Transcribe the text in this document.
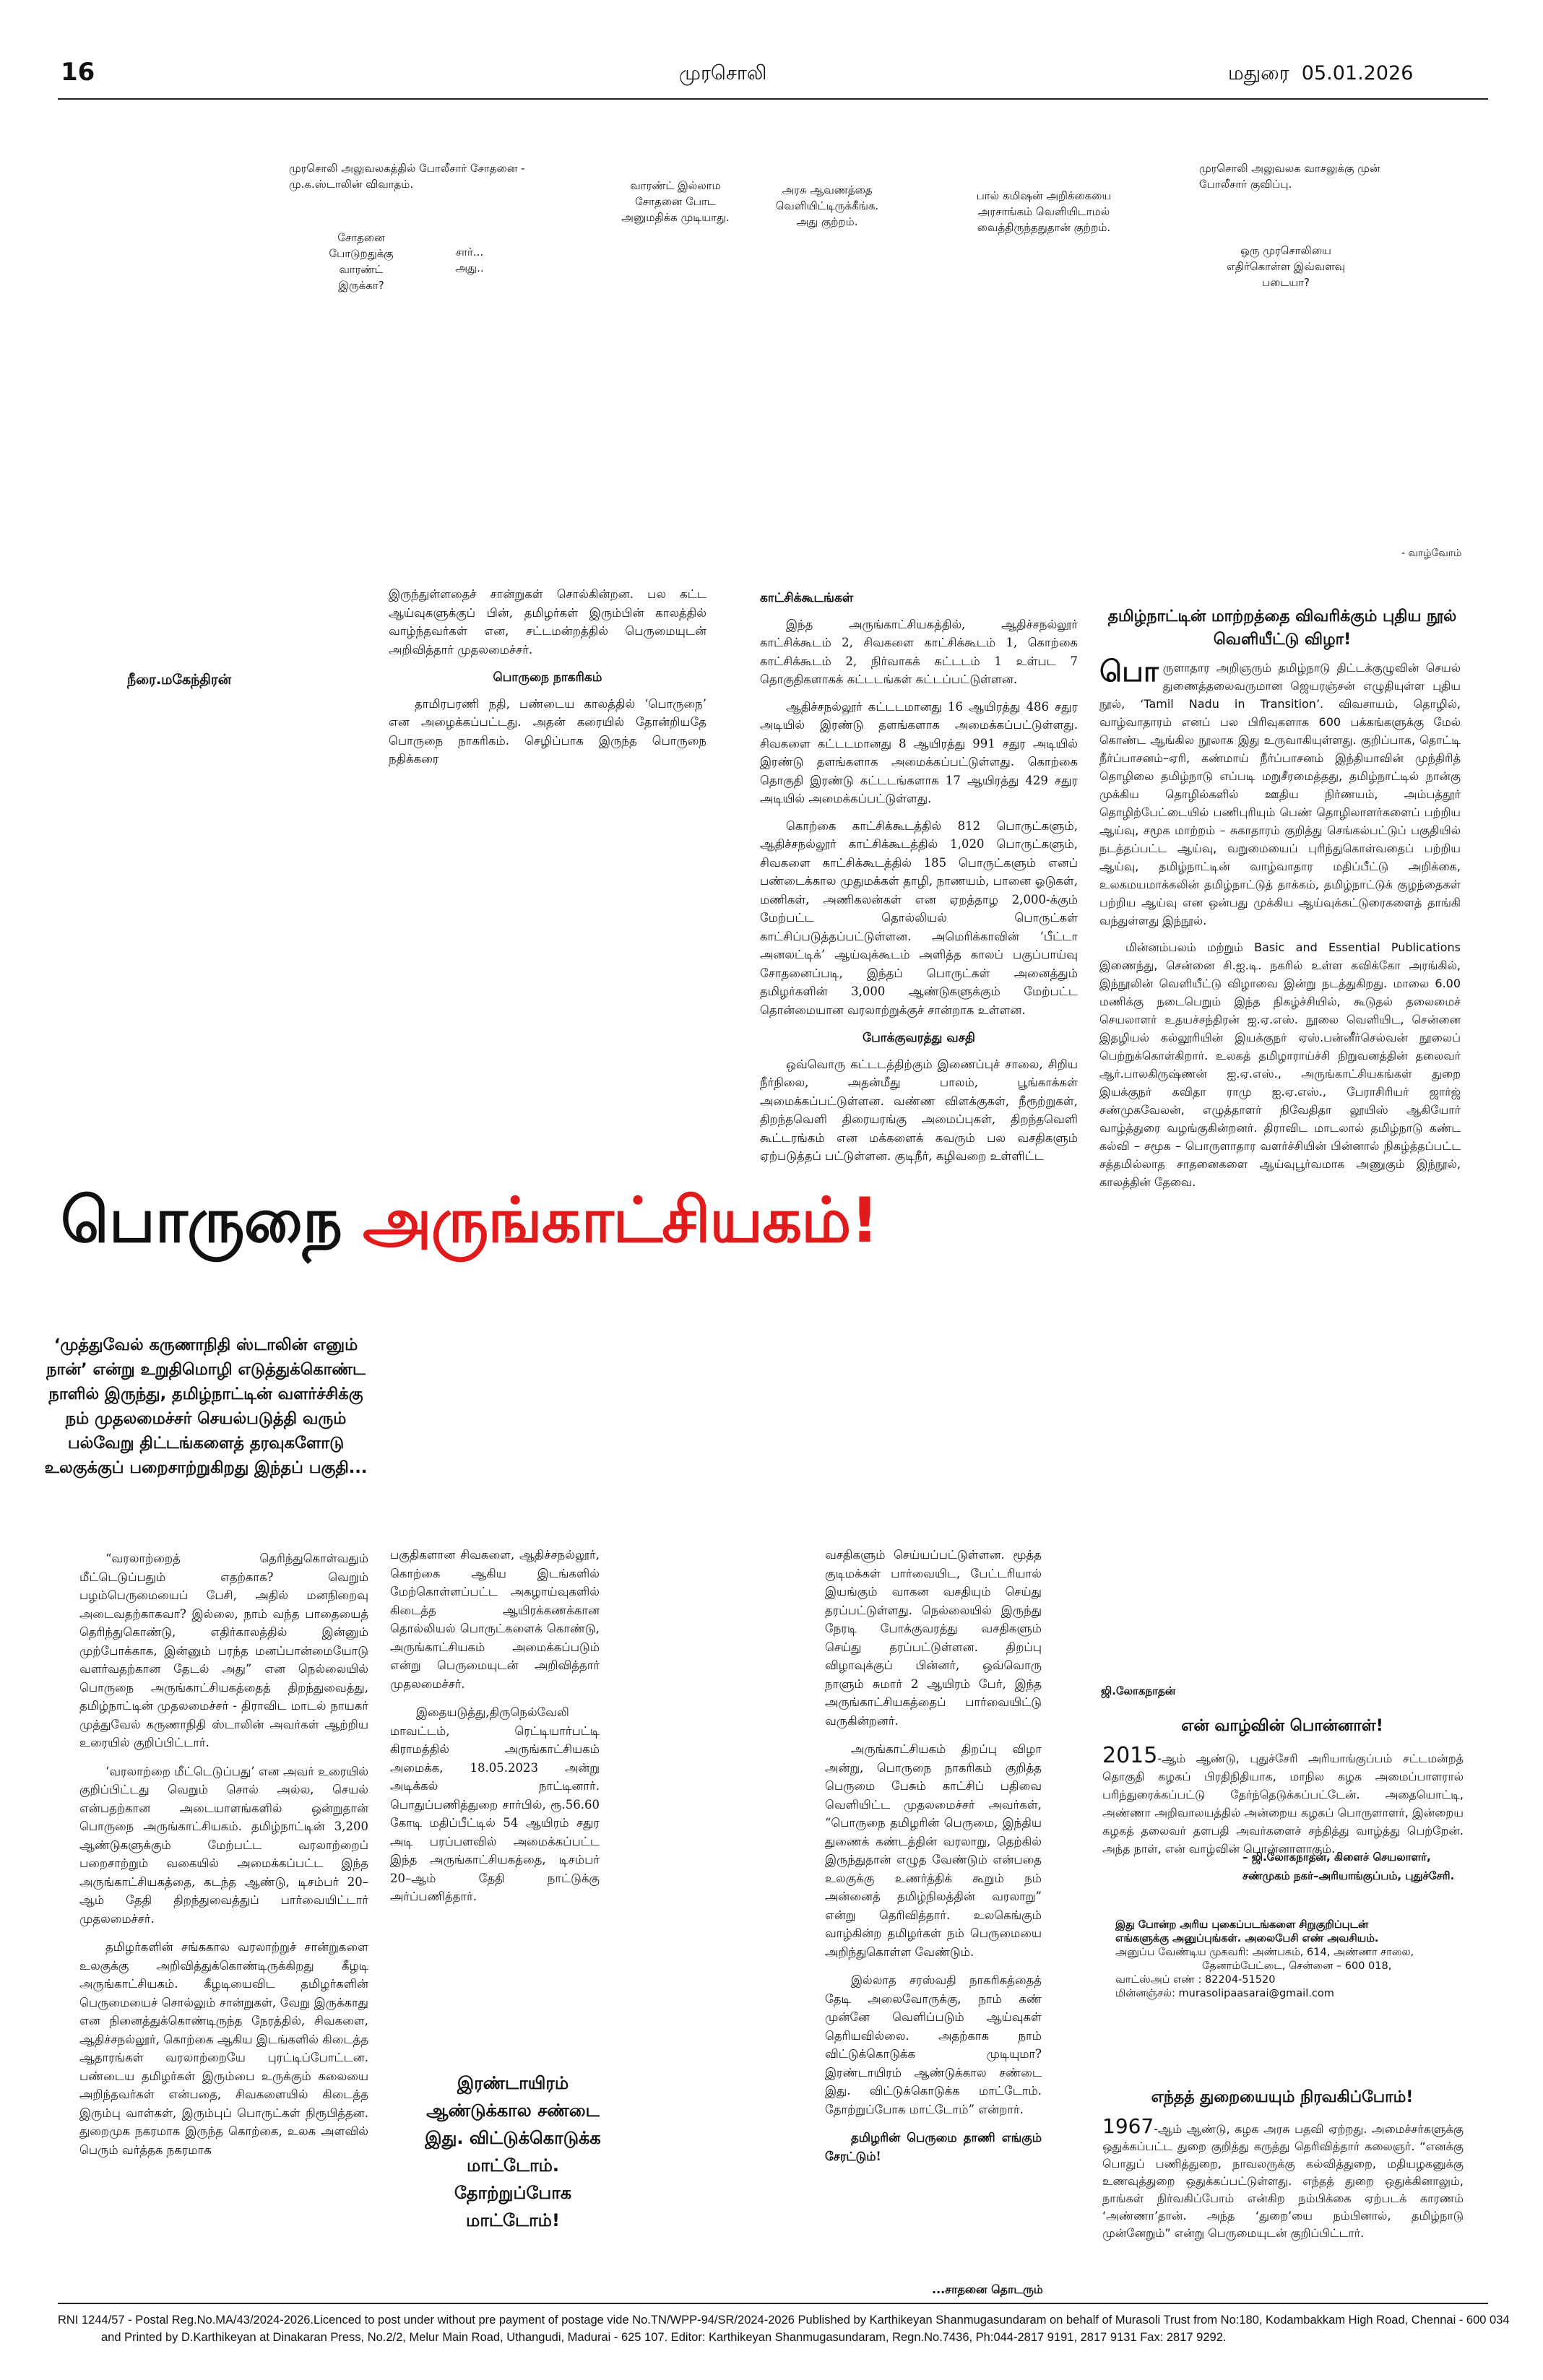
16	முரசொலி	மதுரை  05.01.2026
முரசொலி அலுவலகத்தில் போலீசார் சோதனை - மு.க.ஸ்டாலின் விவாதம்.
சோதனை போடுறதுக்கு வாரண்ட் இருக்கா?
சார்... அது..
வாரண்ட் இல்லாம சோதனை போட அனுமதிக்க முடியாது.
அரசு ஆவணத்தை வெளியிட்டிருக்கீங்க. அது குற்றம்.
பால் கமிஷன் அறிக்கையை அரசாங்கம் வெளியிடாமல் வைத்திருந்ததுதான் குற்றம்.
முரசொலி அலுவலக வாசலுக்கு முன் போலீசார் குவிப்பு.
ஒரு முரசொலியை எதிர்கொள்ள இவ்வளவு படையா?
- வாழ்வோம்
நீரை.மகேந்திரன்

இருந்துள்ளதைச் சான்றுகள் சொல்கின்றன. பல கட்ட ஆய்வுகளுக்குப் பின், தமிழர்கள் இரும்பின் காலத்தில் வாழ்ந்தவர்கள் என, சட்டமன்றத்தில் பெருமையுடன் அறிவித்தார் முதலமைச்சர்.

பொருநை நாகரிகம்

தாமிரபரணி நதி, பண்டைய காலத்தில் ‘பொருநை’ என அழைக்கப்பட்டது. அதன் கரையில் தோன்றியதே பொருநை நாகரிகம். செழிப்பாக இருந்த பொருநை நதிக்கரை

காட்சிக்கூடங்கள்

இந்த அருங்காட்சியகத்தில், ஆதிச்சநல்லூர் காட்சிக்கூடம் 2, சிவகளை காட்சிக்கூடம் 1, கொற்கை காட்சிக்கூடம் 2, நிர்வாகக் கட்டடம் 1 உள்பட 7 தொகுதிகளாகக் கட்டடங்கள் கட்டப்பட்டுள்ளன.

ஆதிச்சநல்லூர் கட்டடமானது 16 ஆயிரத்து 486 சதுர அடியில் இரண்டு தளங்களாக அமைக்கப்பட்டுள்ளது. சிவகளை கட்டடமானது 8 ஆயிரத்து 991 சதுர அடியில் இரண்டு தளங்களாக அமைக்கப்பட்டுள்ளது. கொற்கை தொகுதி இரண்டு கட்டடங்களாக 17 ஆயிரத்து 429 சதுர அடியில் அமைக்கப்பட்டுள்ளது.

கொற்கை காட்சிக்கூடத்தில் 812 பொருட்களும், ஆதிச்சநல்லூர் காட்சிக்கூடத்தில் 1,020 பொருட்களும், சிவகளை காட்சிக்கூடத்தில் 185 பொருட்களும் எனப் பண்டைக்கால முதுமக்கள் தாழி, நாணயம், பானை ஓடுகள், மணிகள், அணிகலன்கள் என ஏறத்தாழ 2,000-க்கும் மேற்பட்ட தொல்லியல் பொருட்கள் காட்சிப்படுத்தப்பட்டுள்ளன. அமெரிக்காவின் ‘பீட்டா அனலட்டிக்’ ஆய்வுக்கூடம் அளித்த காலப் பகுப்பாய்வு சோதனைப்படி, இந்தப் பொருட்கள் அனைத்தும் தமிழர்களின் 3,000 ஆண்டுகளுக்கும் மேற்பட்ட தொன்மையான வரலாற்றுக்குச் சான்றாக உள்ளன.

போக்குவரத்து வசதி

ஒவ்வொரு கட்டடத்திற்கும் இணைப்புச் சாலை, சிறிய நீர்நிலை, அதன்மீது பாலம், பூங்காக்கள் அமைக்கப்பட்டுள்ளன. வண்ண விளக்குகள், நீரூற்றுகள், திறந்தவெளி திரையரங்கு அமைப்புகள், திறந்தவெளி கூட்டரங்கம் என மக்களைக் கவரும் பல வசதிகளும் ஏற்படுத்தப் பட்டுள்ளன. குடிநீர், கழிவறை உள்ளிட்ட

பொருநை அருங்காட்சியகம்!
‘முத்துவேல் கருணாநிதி ஸ்டாலின் எனும் நான்’ என்று உறுதிமொழி எடுத்துக்கொண்ட நாளில் இருந்து, தமிழ்நாட்டின் வளர்ச்சிக்கு நம் முதலமைச்சர் செயல்படுத்தி வரும் பல்வேறு திட்டங்களைத் தரவுகளோடு உலகுக்குப் பறைசாற்றுகிறது இந்தப் பகுதி...

“வரலாற்றைத் தெரிந்துகொள்வதும் மீட்டெடுப்பதும் எதற்காக? வெறும் பழம்பெருமையைப் பேசி, அதில் மனநிறைவு அடைவதற்காகவா? இல்லை, நாம் வந்த பாதையைத் தெரிந்துகொண்டு, எதிர்காலத்தில் இன்னும் முற்போக்காக, இன்னும் பரந்த மனப்பான்மையோடு வளர்வதற்கான தேடல் அது” என நெல்லையில் பொருநை அருங்காட்சியகத்தைத் திறந்துவைத்து, தமிழ்நாட்டின் முதலமைச்சர் - திராவிட மாடல் நாயகர் முத்துவேல் கருணாநிதி ஸ்டாலின் அவர்கள் ஆற்றிய உரையில் குறிப்பிட்டார்.

‘வரலாற்றை மீட்டெடுப்பது’ என அவர் உரையில் குறிப்பிட்டது வெறும் சொல் அல்ல, செயல் என்பதற்கான அடையாளங்களில் ஒன்றுதான் பொருநை அருங்காட்சியகம். தமிழ்நாட்டின் 3,200 ஆண்டுகளுக்கும் மேற்பட்ட வரலாற்றைப் பறைசாற்றும் வகையில் அமைக்கப்பட்ட இந்த அருங்காட்சியகத்தை, கடந்த ஆண்டு, டிசம்பர் 20–ஆம் தேதி திறந்துவைத்துப் பார்வையிட்டார் முதலமைச்சர்.

தமிழர்களின் சங்ககால வரலாற்றுச் சான்றுகளை உலகுக்கு அறிவித்துக்கொண்டிருக்கிறது கீழடி அருங்காட்சியகம். கீழடியைவிட தமிழர்களின் பெருமையைச் சொல்லும் சான்றுகள், வேறு இருக்காது என நினைத்துக்கொண்டிருந்த நேரத்தில், சிவகளை, ஆதிச்சநல்லூர், கொற்கை ஆகிய இடங்களில் கிடைத்த ஆதாரங்கள் வரலாற்றையே புரட்டிப்போட்டன. பண்டைய தமிழர்கள் இரும்பை உருக்கும் கலையை அறிந்தவர்கள் என்பதை, சிவகளையில் கிடைத்த இரும்பு வாள்கள், இரும்புப் பொருட்கள் நிரூபித்தன. துறைமுக நகரமாக இருந்த கொற்கை, உலக அளவில் பெரும் வர்த்தக நகரமாக

பகுதிகளான சிவகளை, ஆதிச்சநல்லூர், கொற்கை ஆகிய இடங்களில் மேற்கொள்ளப்பட்ட அகழாய்வுகளில் கிடைத்த ஆயிரக்கணக்கான தொல்லியல் பொருட்களைக் கொண்டு, அருங்காட்சியகம் அமைக்கப்படும் என்று பெருமையுடன் அறிவித்தார் முதலமைச்சர்.

இதையடுத்து,திருநெல்வேலி மாவட்டம், ரெட்டியார்பட்டி கிராமத்தில் அருங்காட்சியகம் அமைக்க, 18.05.2023 அன்று அடிக்கல் நாட்டினார். பொதுப்பணித்துறை சார்பில், ரூ.56.60 கோடி மதிப்பீட்டில் 54 ஆயிரம் சதுர அடி பரப்பளவில் அமைக்கப்பட்ட இந்த அருங்காட்சியகத்தை, டிசம்பர் 20–ஆம் தேதி நாட்டுக்கு அர்ப்பணித்தார்.

இரண்டாயிரம் ஆண்டுக்கால சண்டை இது. விட்டுக்கொடுக்க மாட்டோம். தோற்றுப்போக மாட்டோம்!

வசதிகளும் செய்யப்பட்டுள்ளன. மூத்த குடிமக்கள் பார்வையிட, பேட்டரியால் இயங்கும் வாகன வசதியும் செய்து தரப்பட்டுள்ளது. நெல்லையில் இருந்து நேரடி போக்குவரத்து வசதிகளும் செய்து தரப்பட்டுள்ளன. திறப்பு விழாவுக்குப் பின்னர், ஒவ்வொரு நாளும் சுமார் 2 ஆயிரம் பேர், இந்த அருங்காட்சியகத்தைப் பார்வையிட்டு வருகின்றனர்.

அருங்காட்சியகம் திறப்பு விழா அன்று, பொருநை நாகரிகம் குறித்த பெருமை பேசும் காட்சிப் பதிவை வெளியிட்ட முதலமைச்சர் அவர்கள், “பொருநை தமிழரின் பெருமை, இந்திய துணைக் கண்டத்தின் வரலாறு, தெற்கில் இருந்துதான் எழுத வேண்டும் என்பதை உலகுக்கு உணர்த்திக் கூறும் நம் அன்னைத் தமிழ்நிலத்தின் வரலாறு” என்று தெரிவித்தார். உலகெங்கும் வாழ்கின்ற தமிழர்கள் நம் பெருமையை அறிந்துகொள்ள வேண்டும்.

இல்லாத சரஸ்வதி நாகரிகத்தைத் தேடி அலைவோருக்கு, நாம் கண் முன்னே வெளிப்படும் ஆய்வுகள் தெரியவில்லை. அதற்காக நாம் விட்டுக்கொடுக்க முடியுமா? இரண்டாயிரம் ஆண்டுக்கால சண்டை இது. விட்டுக்கொடுக்க மாட்டோம். தோற்றுப்போக மாட்டோம்” என்றார்.

தமிழரின் பெருமை தாணி எங்கும் சேரட்டும்!

...சாதனை தொடரும்
தமிழ்நாட்டின் மாற்றத்தை விவரிக்கும் புதிய நூல் வெளியீட்டு விழா!

பொருளாதார அறிஞரும் தமிழ்நாடு திட்டக்குழுவின் செயல் துணைத்தலைவருமான ஜெயரஞ்சன் எழுதியுள்ள புதிய நூல், ‘Tamil Nadu in Transition’. விவசாயம், தொழில், வாழ்வாதாரம் எனப் பல பிரிவுகளாக 600 பக்கங்களுக்கு மேல் கொண்ட ஆங்கில நூலாக இது உருவாகியுள்ளது. குறிப்பாக, தொட்டி நீர்ப்பாசனம்–ஏரி, கண்மாய் நீர்ப்பாசனம் இந்தியாவின் முந்திரித் தொழிலை தமிழ்நாடு எப்படி மறுசீரமைத்தது, தமிழ்நாட்டில் நான்கு முக்கிய தொழில்களில் ஊதிய நிர்ணயம், அம்பத்தூர் தொழிற்பேட்டையில் பணிபுரியும் பெண் தொழிலாளர்களைப் பற்றிய ஆய்வு, சமூக மாற்றம் – சுகாதாரம் குறித்து செங்கல்பட்டுப் பகுதியில் நடத்தப்பட்ட ஆய்வு, வறுமையைப் புரிந்துகொள்வதைப் பற்றிய ஆய்வு, தமிழ்நாட்டின் வாழ்வாதார மதிப்பீட்டு அறிக்கை, உலகமயமாக்கலின் தமிழ்நாட்டுத் தாக்கம், தமிழ்நாட்டுக் குழந்தைகள் பற்றிய ஆய்வு என ஒன்பது முக்கிய ஆய்வுக்கட்டுரைகளைத் தாங்கி வந்துள்ளது இந்நூல்.

மின்னம்பலம் மற்றும் Basic and Essential Publications இணைந்து, சென்னை சி.ஐ.டி. நகரில் உள்ள கவிக்கோ அரங்கில், இந்நூலின் வெளியீட்டு விழாவை இன்று நடத்துகிறது. மாலை 6.00 மணிக்கு நடைபெறும் இந்த நிகழ்ச்சியில், கூடுதல் தலைமைச் செயலாளர் உதயச்சந்திரன் ஐ.ஏ.எஸ். நூலை வெளியிட, சென்னை இதழியல் கல்லூரியின் இயக்குநர் ஏஸ்.பன்னீர்செல்வன் நூலைப் பெற்றுக்கொள்கிறார். உலகத் தமிழாராய்ச்சி நிறுவனத்தின் தலைவர் ஆர்.பாலகிருஷ்ணன் ஐ.ஏ.எஸ்., அருங்காட்சியகங்கள் துறை இயக்குநர் கவிதா ராமு ஐ.ஏ.எஸ்., பேராசிரியர் ஜார்ஜ் சண்முகவேலன், எழுத்தாளர் நிவேதிதா லூயிஸ் ஆகியோர் வாழ்த்துரை வழங்குகின்றனர். திராவிட மாடலால் தமிழ்நாடு கண்ட கல்வி – சமூக – பொருளாதார வளர்ச்சியின் பின்னால் நிகழ்த்தப்பட்ட சத்தமில்லாத சாதனைகளை ஆய்வுபூர்வமாக அணுகும் இந்நூல், காலத்தின் தேவை.

ஜி.லோகநாதன்
என் வாழ்வின் பொன்னாள்!

2015-ஆம் ஆண்டு, புதுச்சேரி அரியாங்குப்பம் சட்டமன்றத் தொகுதி கழகப் பிரதிநிதியாக, மாநில கழக அமைப்பாளரால் பரிந்துரைக்கப்பட்டு தேர்ந்தெடுக்கப்பட்டேன். அதையொட்டி, அண்ணா அறிவாலயத்தில் அன்றைய கழகப் பொருளாளர், இன்றைய கழகத் தலைவர் தளபதி அவர்களைச் சந்தித்து வாழ்த்து பெற்றேன். அந்த நாள், என் வாழ்வின் பொன்னாளாகும்.

– ஜி.லோகநாதன், கிளைச் செயலாளர்,
சண்முகம் நகர்–அரியாங்குப்பம், புதுச்சேரி.
இது போன்ற அரிய புகைப்படங்களை சிறுகுறிப்புடன்
எங்களுக்கு அனுப்புங்கள். அலைபேசி எண் அவசியம்.
அனுப்ப வேண்டிய முகவரி: அண்பகம், 614, அண்ணா சாலை,
தேனாம்பேட்டை, சென்னை – 600 018,
வாட்ஸ்அப் எண் : 82204-51520
மின்னஞ்சல்: murasolipaasarai@gmail.com
எந்தத் துறையையும் நிரவகிப்போம்!

1967-ஆம் ஆண்டு, கழக அரசு பதவி ஏற்றது. அமைச்சர்களுக்கு ஒதுக்கப்பட்ட துறை குறித்து கருத்து தெரிவித்தார் கலைஞர். “எனக்கு பொதுப் பணித்துறை, நாவலருக்கு கல்வித்துறை, மதியழகனுக்கு உணவுத்துறை ஒதுக்கப்பட்டுள்ளது. எந்தத் துறை ஒதுக்கினாலும், நாங்கள் நிர்வகிப்போம் என்கிற நம்பிக்கை ஏற்படக் காரணம் ‘அண்ணா’தான். அந்த ‘துறை’யை நம்பினால், தமிழ்நாடு முன்னேறும்” என்று பெருமையுடன் குறிப்பிட்டார்.

RNI 1244/57 - Postal Reg.No.MA/43/2024-2026.Licenced to post under without pre payment of postage vide No.TN/WPP-94/SR/2024-2026 Published by Karthikeyan Shanmugasundaram on behalf of Murasoli Trust from No:180, Kodambakkam High Road, Chennai - 600 034
and Printed by D.Karthikeyan at Dinakaran Press, No.2/2, Melur Main Road, Uthangudi, Madurai - 625 107. Editor: Karthikeyan Shanmugasundaram, Regn.No.7436, Ph:044-2817 9191, 2817 9131 Fax: 2817 9292.
